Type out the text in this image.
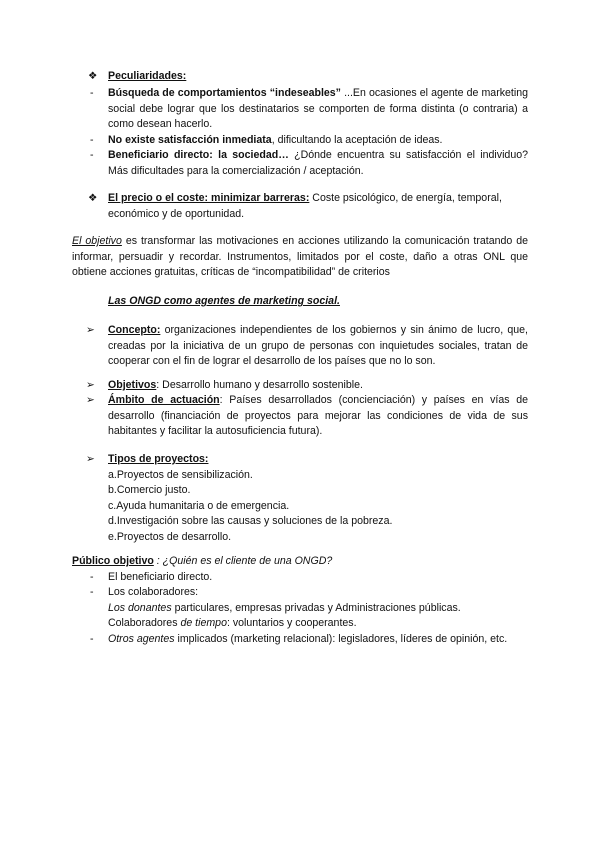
❖ Peculiaridades:
- Búsqueda de comportamientos “indeseables” ...En ocasiones el agente de marketing social debe lograr que los destinatarios se comporten de forma distinta (o contraria) a como desean hacerlo.
- No existe satisfacción inmediata, dificultando la aceptación de ideas.
- Beneficiario directo: la sociedad… ¿Dónde encuentra su satisfacción el individuo? Más dificultades para la comercialización / aceptación.
❖ El precio o el coste: minimizar barreras: Coste psicológico, de energía, temporal, económico y de oportunidad.
El objetivo es transformar las motivaciones en acciones utilizando la comunicación tratando de informar, persuadir y recordar. Instrumentos, limitados por el coste, daño a otras ONL que obtiene acciones gratuitas, críticas de “incompatibilidad” de criterios
Las ONGD como agentes de marketing social.
➢ Concepto: organizaciones independientes de los gobiernos y sin ánimo de lucro, que, creadas por la iniciativa de un grupo de personas con inquietudes sociales, tratan de cooperar con el fin de lograr el desarrollo de los países que no lo son.
➢ Objetivos: Desarrollo humano y desarrollo sostenible.
➢ Ámbito de actuación: Países desarrollados (concienciación) y países en vías de desarrollo (financiación de proyectos para mejorar las condiciones de vida de sus habitantes y facilitar la autosuficiencia futura).
➢ Tipos de proyectos:
a.Proyectos de sensibilización.
b.Comercio justo.
c.Ayuda humanitaria o de emergencia.
d.Investigación sobre las causas y soluciones de la pobreza.
e.Proyectos de desarrollo.
Público objetivo : ¿Quién es el cliente de una ONGD?
- El beneficiario directo.
- Los colaboradores:
Los donantes particulares, empresas privadas y Administraciones públicas.
Colaboradores de tiempo: voluntarios y cooperantes.
- Otros agentes implicados (marketing relacional): legisladores, líderes de opinión, etc.
